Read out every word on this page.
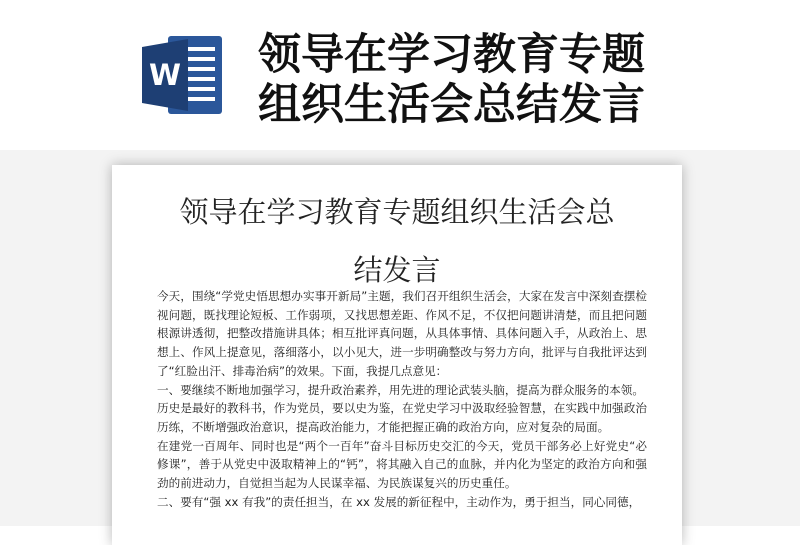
W 领导在学习教育专题
组织生活会总结发言
领导在学习教育专题组织生活会总
结发言

今天，围绕“学党史悟思想办实事开新局”主题，我们召开组织生活会，大家在发言中深刻查摆检视问题，既找理论短板、工作弱项，又找思想差距、作风不足，不仅把问题讲清楚，而且把问题根源讲透彻，把整改措施讲具体；相互批评真问题，从具体事情、具体问题入手，从政治上、思想上、作风上提意见，落细落小，以小见大，进一步明确整改与努力方向，批评与自我批评达到了“红脸出汗、排毒治病”的效果。下面，我提几点意见：

一、要继续不断地加强学习，提升政治素养，用先进的理论武装头脑，提高为群众服务的本领。

历史是最好的教科书，作为党员，要以史为鉴，在党史学习中汲取经验智慧，在实践中加强政治历练，不断增强政治意识，提高政治能力，才能把握正确的政治方向，应对复杂的局面。

在建党一百周年、同时也是“两个一百年”奋斗目标历史交汇的今天，党员干部务必上好党史“必修课”，善于从党史中汲取精神上的“钙”，将其融入自己的血脉，并内化为坚定的政治方向和强劲的前进动力，自觉担当起为人民谋幸福、为民族谋复兴的历史重任。

二、要有“强 xx 有我”的责任担当，在 xx 发展的新征程中，主动作为，勇于担当，同心同德，
